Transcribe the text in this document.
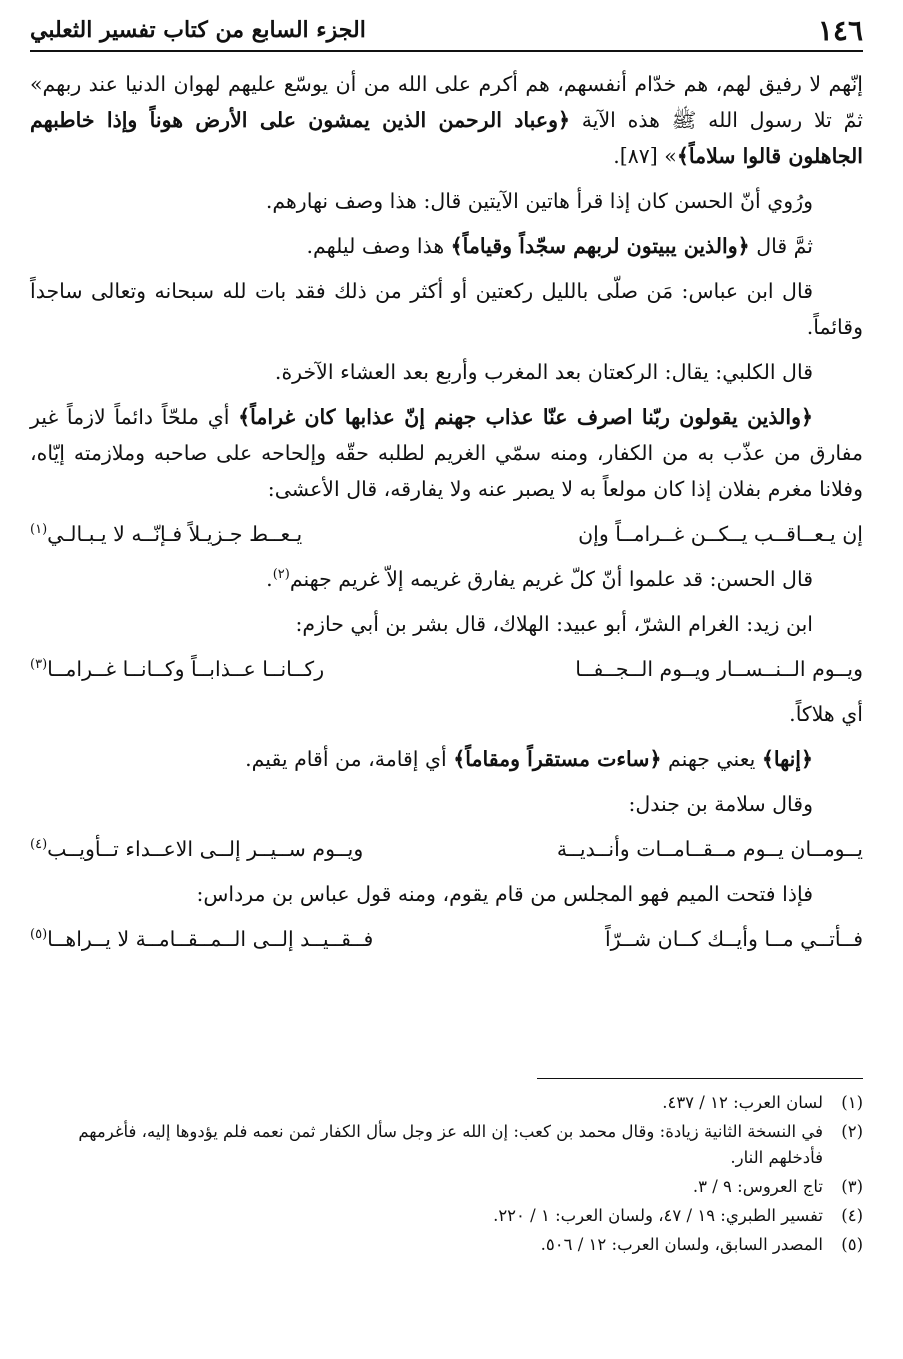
١٤٦
الجزء السابع من كتاب تفسير الثعلبي

إنّهم لا رفيق لهم، هم خدّام أنفسهم، هم أكرم على الله من أن يوسّع عليهم لهوان الدنيا عند ربهم» ثمّ تلا رسول الله ﷺ هذه الآية ﴿وعباد الرحمن الذين يمشون على الأرض هوناً وإذا خاطبهم الجاهلون قالوا سلاماً﴾» [٨٧].

ورُوي أنّ الحسن كان إذا قرأ هاتين الآيتين قال: هذا وصف نهارهم.

ثمَّ قال ﴿والذين يبيتون لربهم سجّداً وقياماً﴾ هذا وصف ليلهم.

قال ابن عباس: مَن صلّى بالليل ركعتين أو أكثر من ذلك فقد بات لله سبحانه وتعالى ساجداً وقائماً.

قال الكلبي: يقال: الركعتان بعد المغرب وأربع بعد العشاء الآخرة.

﴿والذين يقولون ربّنا اصرف عنّا عذاب جهنم إنّ عذابها كان غراماً﴾ أي ملحّاً دائماً لازماً غير مفارق من عذّب به من الكفار، ومنه سمّي الغريم لطلبه حقّه وإلحاحه على صاحبه وملازمته إيّاه، وفلانا مغرم بفلان إذا كان مولعاً به لا يصبر عنه ولا يفارقه، قال الأعشى:

إن يـعــاقــب يــكــن غــرامــاً وإن
يـعــط جـزيـلاً فـإنّــه لا يـبـالـي$^{(١)}$

قال الحسن: قد علموا أنّ كلّ غريم يفارق غريمه إلاّ غريم جهنم$^{(٢)}$.

ابن زيد: الغرام الشرّ، أبو عبيد: الهلاك، قال بشر بن أبي حازم:

ويــوم الــنــســار ويــوم الــجــفــا
ركــانــا عــذابــاً وكــانــا غــرامــا$^{(٣)}$

أي هلاكاً.

﴿إنها﴾ يعني جهنم ﴿ساءت مستقراً ومقاماً﴾ أي إقامة، من أقام يقيم.

وقال سلامة بن جندل:

يــومــان يــوم مــقــامــات وأنــديــة
ويــوم ســيــر إلــى الاعــداء تــأويــب$^{(٤)}$

فإذا فتحت الميم فهو المجلس من قام يقوم، ومنه قول عباس بن مرداس:

فــأتــي مــا وأيــك كــان شــرّاً
فــقــيــد إلــى الــمــقــامــة لا يــراهــا$^{(٥)}$
(١)
لسان العرب: ١٢ / ٤٣٧.
(٢)
في النسخة الثانية زيادة: وقال محمد بن كعب: إن الله عز وجل سأل الكفار ثمن نعمه فلم يؤدوها إليه، فأغرمهم فأدخلهم النار.
(٣)
تاج العروس: ٩ / ٣.
(٤)
تفسير الطبري: ١٩ / ٤٧، ولسان العرب: ١ / ٢٢٠.
(٥)
المصدر السابق، ولسان العرب: ١٢ / ٥٠٦.
